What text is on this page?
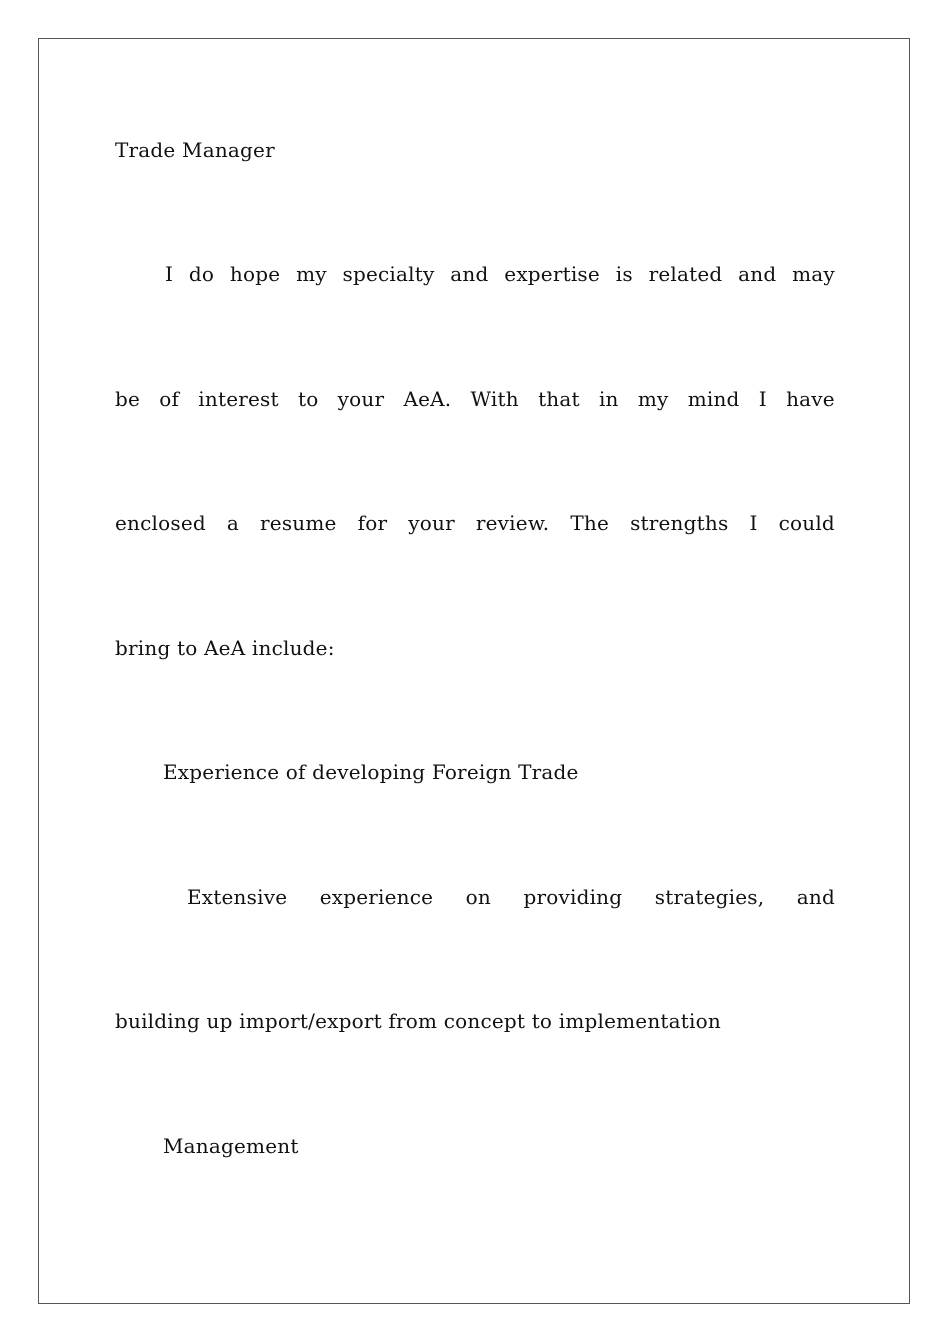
Trade Manager
I do hope my specialty and expertise is related and may
be of interest to your AeA. With that in my mind I have
enclosed a resume for your review. The strengths I could
bring to AeA include:
Experience of developing Foreign Trade
Extensive experience on providing strategies, and
building up import/export from concept to implementation
Management
